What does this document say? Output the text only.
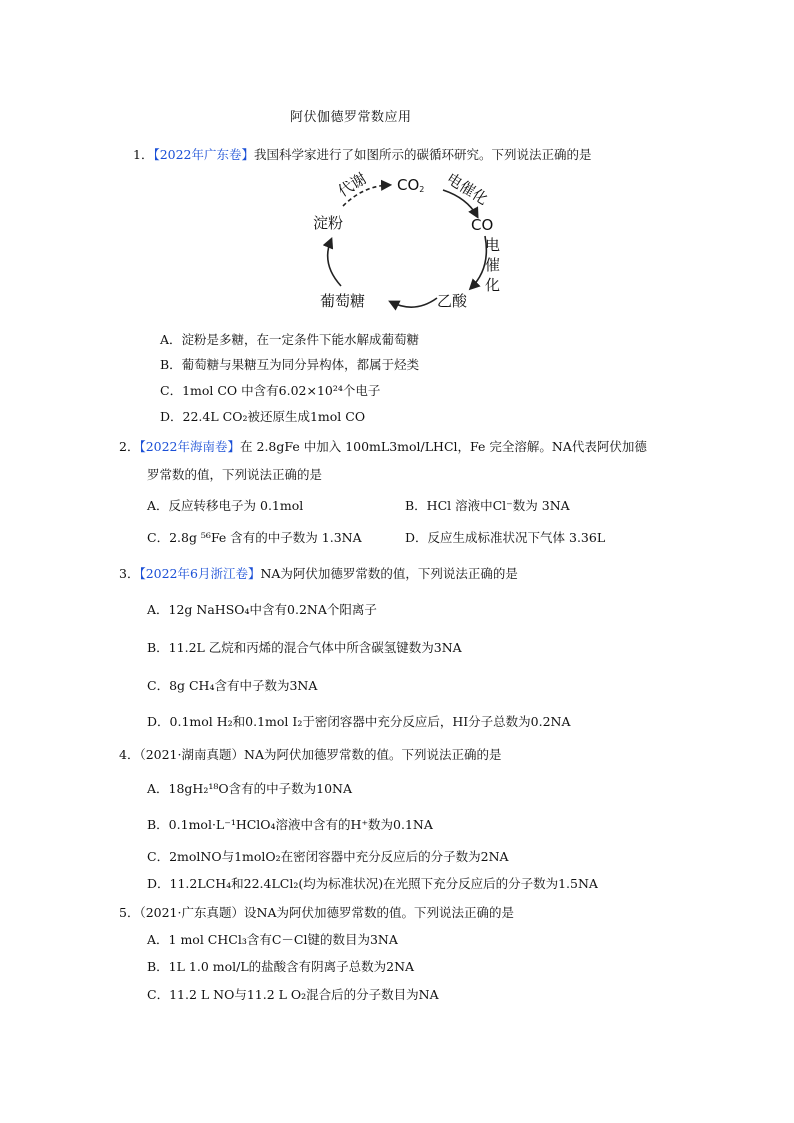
阿伏伽德罗常数应用
1．【2022年广东卷】我国科学家进行了如图所示的碳循环研究。下列说法正确的是
$CO_2$
CO
淀粉
葡萄糖	乙酸
代谢	电催化
电
催
化
A．淀粉是多糖，在一定条件下能水解成葡萄糖
B．葡萄糖与果糖互为同分异构体，都属于烃类
C．1mol CO 中含有6.02×10²⁴个电子
D．22.4L CO₂被还原生成1mol CO
2．【2022年海南卷】在 2.8gFe 中加入 100mL3mol/LHCl，Fe 完全溶解。NA代表阿伏加德
罗常数的值，下列说法正确的是
A．反应转移电子为 0.1mol	B．HCl 溶液中Cl⁻数为 3NA
C．2.8g ⁵⁶Fe 含有的中子数为 1.3NA	D．反应生成标准状况下气体 3.36L
3．【2022年6月浙江卷】NA为阿伏加德罗常数的值，下列说法正确的是
A．12g NaHSO₄中含有0.2NA个阳离子
B．11.2L 乙烷和丙烯的混合气体中所含碳氢键数为3NA
C．8g CH₄含有中子数为3NA
D．0.1mol H₂和0.1mol I₂于密闭容器中充分反应后，HI分子总数为0.2NA
4．（2021·湖南真题）NA为阿伏加德罗常数的值。下列说法正确的是
A．18gH₂¹⁸O含有的中子数为10NA
B．0.1mol·L⁻¹HClO₄溶液中含有的H⁺数为0.1NA
C．2molNO与1molO₂在密闭容器中充分反应后的分子数为2NA
D．11.2LCH₄和22.4LCl₂(均为标准状况)在光照下充分反应后的分子数为1.5NA
5．（2021·广东真题）设NA为阿伏加德罗常数的值。下列说法正确的是
A．1 mol CHCl₃含有C－Cl键的数目为3NA
B．1L 1.0 mol/L的盐酸含有阴离子总数为2NA
C．11.2 L NO与11.2 L O₂混合后的分子数目为NA
